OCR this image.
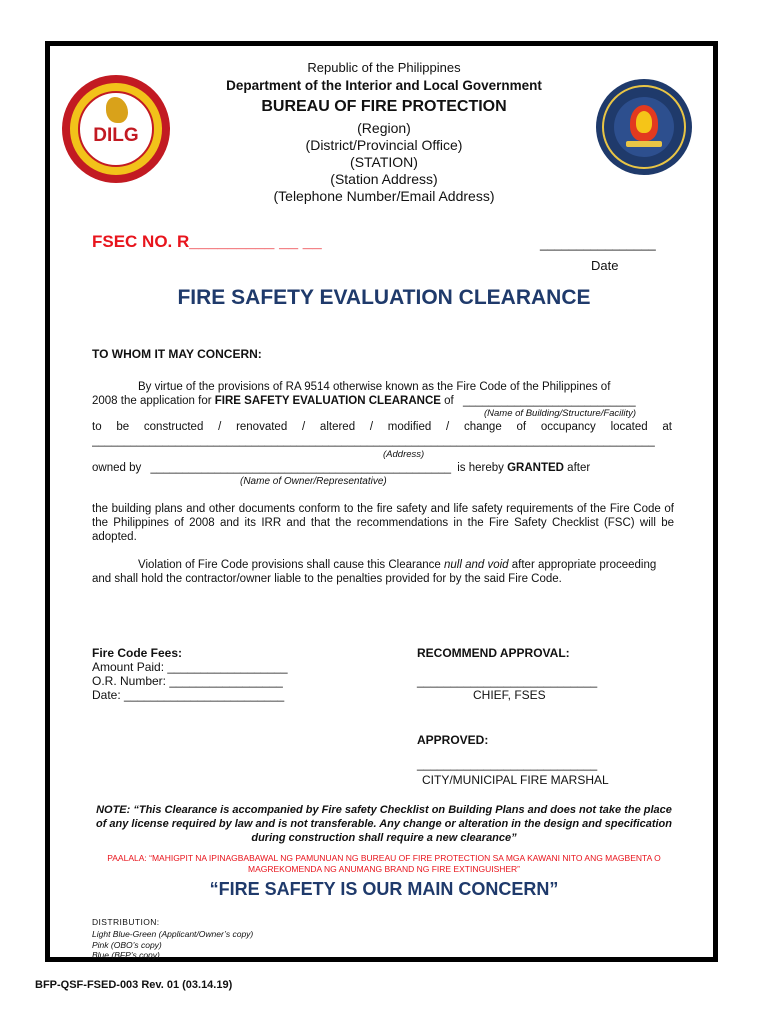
DILG
Republic of the Philippines
Department of the Interior and Local Government
BUREAU OF FIRE PROTECTION
(Region)
(District/Provincial Office)
(STATION)
(Station Address)
(Telephone Number/Email Address)
FSEC NO. R_________ __ __	________________
Date
FIRE SAFETY EVALUATION CLEARANCE
TO WHOM IT MAY CONCERN:
By virtue of the provisions of RA 9514 otherwise known as the Fire Code of the Philippines of
2008 the application for FIRE SAFETY EVALUATION CLEARANCE of ___________________________
(Name of Building/Structure/Facility)
to be constructed / renovated / altered / modified / change of occupancy located at
________________________________________________________________________________________
(Address)
owned by _______________________________________________ is hereby GRANTED after
(Name of Owner/Representative)
the building plans and other documents conform to the fire safety and life safety requirements of the Fire Code of the Philippines of 2008 and its IRR and that the recommendations in the Fire Safety Checklist (FSC) will be adopted.
Violation of Fire Code provisions shall cause this Clearance null and void after appropriate proceeding and shall hold the contractor/owner liable to the penalties provided for by the said Fire Code.
Fire Code Fees:
Amount Paid: __________________
O.R. Number: _________________
Date: ________________________
RECOMMEND APPROVAL:
___________________________
CHIEF, FSES
APPROVED:
___________________________
CITY/MUNICIPAL FIRE MARSHAL
NOTE: “This Clearance is accompanied by Fire safety Checklist on Building Plans and does not take the place of any license required by law and is not transferable. Any change or alteration in the design and specification during construction shall require a new clearance”
PAALALA: “MAHIGPIT NA IPINAGBABAWAL NG PAMUNUAN NG BUREAU OF FIRE PROTECTION SA MGA KAWANI NITO ANG MAGBENTA O MAGREKOMENDA NG ANUMANG BRAND NG FIRE EXTINGUISHER”
“FIRE SAFETY IS OUR MAIN CONCERN”
DISTRIBUTION:
Light Blue-Green (Applicant/Owner’s copy)
Pink (OBO’s copy)
Blue (BFP’s copy)
BFP-QSF-FSED-003 Rev. 01 (03.14.19)
